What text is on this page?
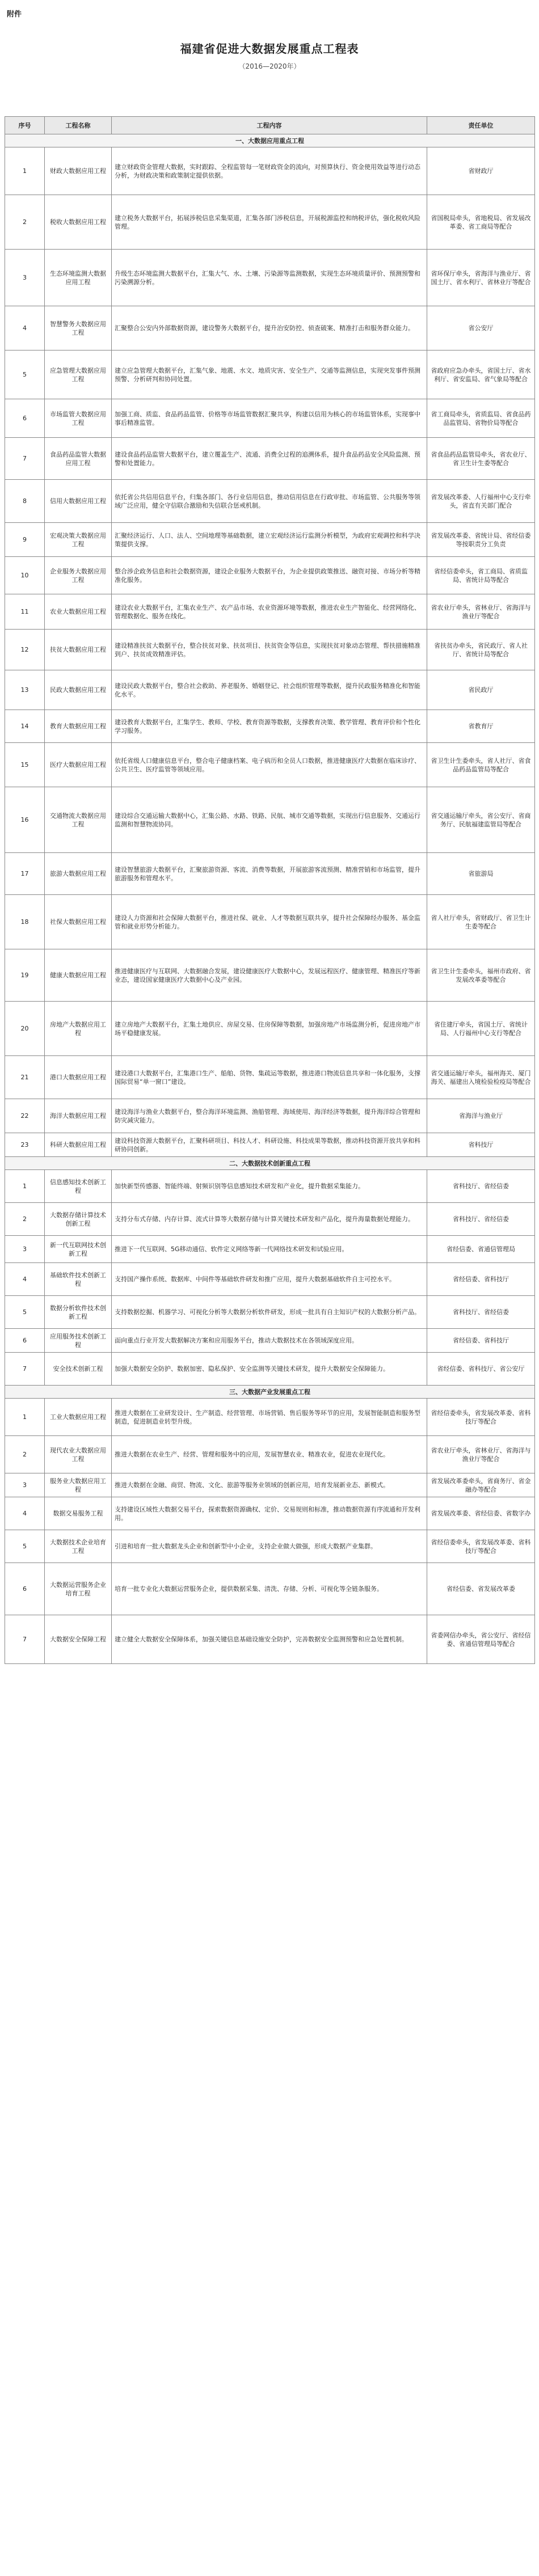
附件
福建省促进大数据发展重点工程表
（2016—2020年）
序号	工程名称	工程内容	责任单位
一、大数据应用重点工程			
1	财政大数据应用工程	建立财政资金管理大数据，实时跟踪、全程监管每一笔财政资金的流向，对预算执行、资金使用效益等进行动态分析，为财政决策和政策制定提供依据。	省财政厅
2	税收大数据应用工程	建立税务大数据平台，拓展涉税信息采集渠道，汇集各部门涉税信息，开展税源监控和纳税评估，强化税收风险管理。	省国税局牵头，省地税局、省发展改革委、省工商局等配合
3	生态环境监测大数据应用工程	升级生态环境监测大数据平台，汇集大气、水、土壤、污染源等监测数据，实现生态环境质量评价、预测预警和污染溯源分析。	省环保厅牵头，省海洋与渔业厅、省国土厅、省水利厅、省林业厅等配合
4	智慧警务大数据应用工程	汇聚整合公安内外部数据资源，建设警务大数据平台，提升治安防控、侦查破案、精准打击和服务群众能力。	省公安厅
5	应急管理大数据应用工程	建立应急管理大数据平台，汇集气象、地震、水文、地质灾害、安全生产、交通等监测信息，实现突发事件预测预警、分析研判和协同处置。	省政府应急办牵头，省国土厅、省水利厅、省安监局、省气象局等配合
6	市场监管大数据应用工程	加强工商、质监、食品药品监管、价格等市场监管数据汇聚共享，构建以信用为核心的市场监管体系，实现事中事后精准监管。	省工商局牵头，省质监局、省食品药品监管局、省物价局等配合
7	食品药品监管大数据应用工程	建设食品药品监管大数据平台，建立覆盖生产、流通、消费全过程的追溯体系，提升食品药品安全风险监测、预警和处置能力。	省食品药品监管局牵头，省农业厅、省卫生计生委等配合
8	信用大数据应用工程	依托省公共信用信息平台，归集各部门、各行业信用信息，推动信用信息在行政审批、市场监管、公共服务等领域广泛应用，健全守信联合激励和失信联合惩戒机制。	省发展改革委、人行福州中心支行牵头，省直有关部门配合
9	宏观决策大数据应用工程	汇聚经济运行、人口、法人、空间地理等基础数据，建立宏观经济运行监测分析模型，为政府宏观调控和科学决策提供支撑。	省发展改革委、省统计局、省经信委等按职责分工负责
10	企业服务大数据应用工程	整合涉企政务信息和社会数据资源，建设企业服务大数据平台，为企业提供政策推送、融资对接、市场分析等精准化服务。	省经信委牵头，省工商局、省质监局、省统计局等配合
11	农业大数据应用工程	建设农业大数据平台，汇集农业生产、农产品市场、农业资源环境等数据，推进农业生产智能化、经营网络化、管理数据化、服务在线化。	省农业厅牵头，省林业厅、省海洋与渔业厅等配合
12	扶贫大数据应用工程	建设精准扶贫大数据平台，整合扶贫对象、扶贫项目、扶贫资金等信息，实现扶贫对象动态管理、帮扶措施精准到户、扶贫成效精准评估。	省扶贫办牵头，省民政厅、省人社厅、省统计局等配合
13	民政大数据应用工程	建设民政大数据平台，整合社会救助、养老服务、婚姻登记、社会组织管理等数据，提升民政服务精准化和智能化水平。	省民政厅
14	教育大数据应用工程	建设教育大数据平台，汇集学生、教师、学校、教育资源等数据，支撑教育决策、教学管理、教育评价和个性化学习服务。	省教育厅
15	医疗大数据应用工程	依托省级人口健康信息平台，整合电子健康档案、电子病历和全员人口数据，推进健康医疗大数据在临床诊疗、公共卫生、医疗监管等领域应用。	省卫生计生委牵头，省人社厅、省食品药品监管局等配合
16	交通物流大数据应用工程	建设综合交通运输大数据中心，汇集公路、水路、铁路、民航、城市交通等数据，实现出行信息服务、交通运行监测和智慧物流协同。	省交通运输厅牵头，省公安厅、省商务厅、民航福建监管局等配合
17	旅游大数据应用工程	建设智慧旅游大数据平台，汇聚旅游资源、客流、消费等数据，开展旅游客流预测、精准营销和市场监管，提升旅游服务和管理水平。	省旅游局
18	社保大数据应用工程	建设人力资源和社会保障大数据平台，推进社保、就业、人才等数据互联共享，提升社会保障经办服务、基金监管和就业形势分析能力。	省人社厅牵头，省财政厅、省卫生计生委等配合
19	健康大数据应用工程	推进健康医疗与互联网、大数据融合发展，建设健康医疗大数据中心，发展远程医疗、健康管理、精准医疗等新业态，建设国家健康医疗大数据中心及产业园。	省卫生计生委牵头，福州市政府、省发展改革委等配合
20	房地产大数据应用工程	建立房地产大数据平台，汇集土地供应、房屋交易、住房保障等数据，加强房地产市场监测分析，促进房地产市场平稳健康发展。	省住建厅牵头，省国土厅、省统计局、人行福州中心支行等配合
21	港口大数据应用工程	建设港口大数据平台，汇集港口生产、船舶、货物、集疏运等数据，推进港口物流信息共享和一体化服务，支撑国际贸易“单一窗口”建设。	省交通运输厅牵头，福州海关、厦门海关、福建出入境检验检疫局等配合
22	海洋大数据应用工程	建设海洋与渔业大数据平台，整合海洋环境监测、渔船管理、海域使用、海洋经济等数据，提升海洋综合管理和防灾减灾能力。	省海洋与渔业厅
23	科研大数据应用工程	建设科技资源大数据平台，汇聚科研项目、科技人才、科研设施、科技成果等数据，推动科技资源开放共享和科研协同创新。	省科技厅
二、大数据技术创新重点工程			
1	信息感知技术创新工程	加快新型传感器、智能终端、射频识别等信息感知技术研发和产业化，提升数据采集能力。	省科技厅、省经信委
2	大数据存储计算技术创新工程	支持分布式存储、内存计算、流式计算等大数据存储与计算关键技术研发和产品化，提升海量数据处理能力。	省科技厅、省经信委
3	新一代互联网技术创新工程	推进下一代互联网、5G移动通信、软件定义网络等新一代网络技术研发和试验应用。	省经信委、省通信管理局
4	基础软件技术创新工程	支持国产操作系统、数据库、中间件等基础软件研发和推广应用，提升大数据基础软件自主可控水平。	省经信委、省科技厅
5	数据分析软件技术创新工程	支持数据挖掘、机器学习、可视化分析等大数据分析软件研发，形成一批具有自主知识产权的大数据分析产品。	省科技厅、省经信委
6	应用服务技术创新工程	面向重点行业开发大数据解决方案和应用服务平台，推动大数据技术在各领域深度应用。	省经信委、省科技厅
7	安全技术创新工程	加强大数据安全防护、数据加密、隐私保护、安全监测等关键技术研发，提升大数据安全保障能力。	省经信委、省科技厅、省公安厅
三、大数据产业发展重点工程			
1	工业大数据应用工程	推进大数据在工业研发设计、生产制造、经营管理、市场营销、售后服务等环节的应用，发展智能制造和服务型制造，促进制造业转型升级。	省经信委牵头，省发展改革委、省科技厅等配合
2	现代农业大数据应用工程	推进大数据在农业生产、经营、管理和服务中的应用，发展智慧农业、精准农业，促进农业现代化。	省农业厅牵头，省林业厅、省海洋与渔业厅等配合
3	服务业大数据应用工程	推进大数据在金融、商贸、物流、文化、旅游等服务业领域的创新应用，培育发展新业态、新模式。	省发展改革委牵头，省商务厅、省金融办等配合
4	数据交易服务工程	支持建设区域性大数据交易平台，探索数据资源确权、定价、交易规则和标准，推动数据资源有序流通和开发利用。	省发展改革委、省经信委、省数字办
5	大数据技术企业培育工程	引进和培育一批大数据龙头企业和创新型中小企业，支持企业做大做强，形成大数据产业集群。	省经信委牵头，省发展改革委、省科技厅等配合
6	大数据运营服务企业培育工程	培育一批专业化大数据运营服务企业，提供数据采集、清洗、存储、分析、可视化等全链条服务。	省经信委、省发展改革委
7	大数据安全保障工程	建立健全大数据安全保障体系，加强关键信息基础设施安全防护，完善数据安全监测预警和应急处置机制。	省委网信办牵头，省公安厅、省经信委、省通信管理局等配合
